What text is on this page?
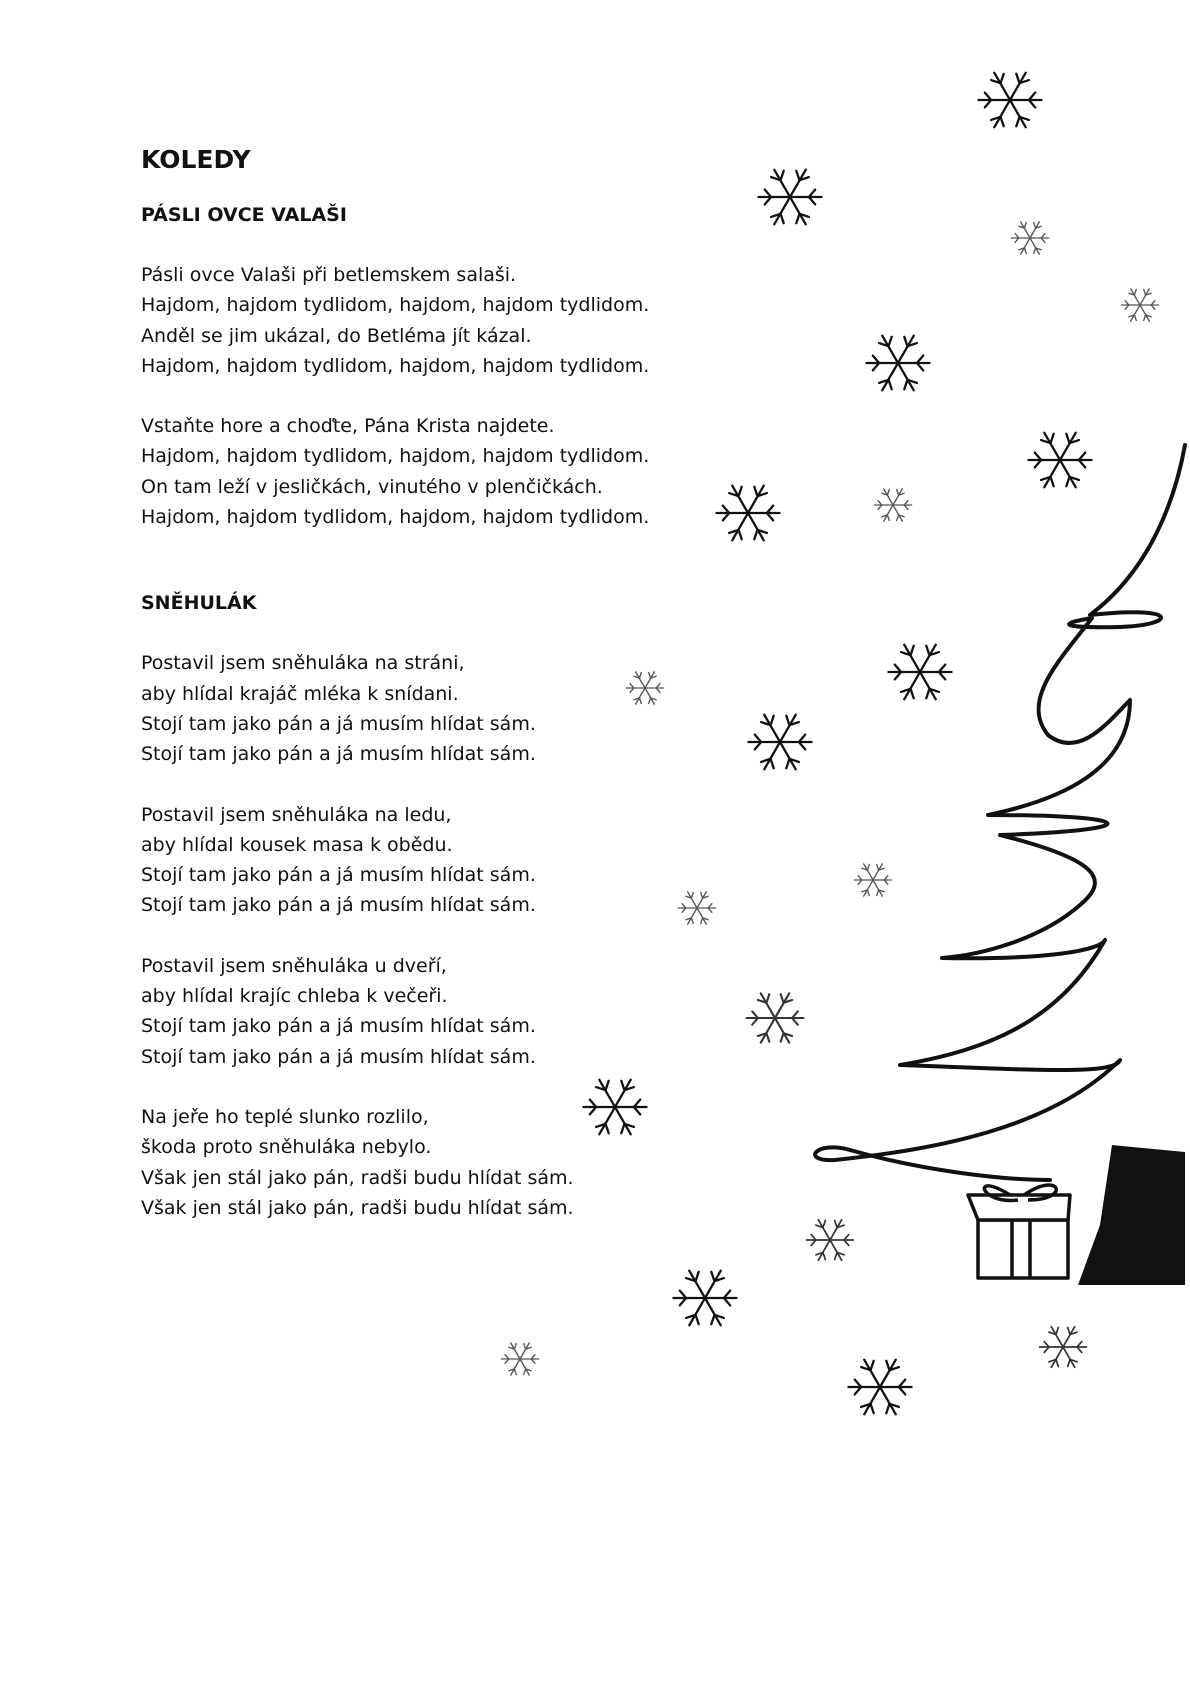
KOLEDY
PÁSLI OVCE VALAŠI
Pásli ovce Valaši při betlemskem salaši.
Hajdom, hajdom tydlidom, hajdom, hajdom tydlidom.
Anděl se jim ukázal, do Betléma jít kázal.
Hajdom, hajdom tydlidom, hajdom, hajdom tydlidom.
Vstaňte hore a choďte, Pána Krista najdete.
Hajdom, hajdom tydlidom, hajdom, hajdom tydlidom.
On tam leží v jesličkách, vinutého v plenčičkách.
Hajdom, hajdom tydlidom, hajdom, hajdom tydlidom.
SNĚHULÁK
Postavil jsem sněhuláka na stráni,
aby hlídal krajáč mléka k snídani.
Stojí tam jako pán a já musím hlídat sám.
Stojí tam jako pán a já musím hlídat sám.
Postavil jsem sněhuláka na ledu,
aby hlídal kousek masa k obědu.
Stojí tam jako pán a já musím hlídat sám.
Stojí tam jako pán a já musím hlídat sám.
Postavil jsem sněhuláka u dveří,
aby hlídal krajíc chleba k večeři.
Stojí tam jako pán a já musím hlídat sám.
Stojí tam jako pán a já musím hlídat sám.
Na jeře ho teplé slunko rozlilo,
škoda proto sněhuláka nebylo.
Však jen stál jako pán, radši budu hlídat sám.
Však jen stál jako pán, radši budu hlídat sám.
